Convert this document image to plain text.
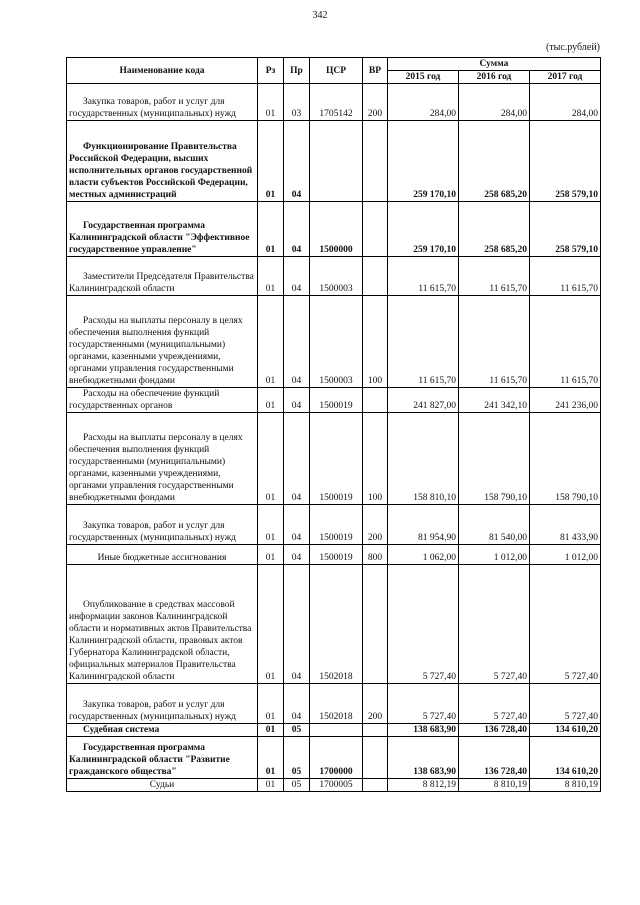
342
(тыс.рублей)
Наименование кода	Рз	Пр	ЦСР	ВР	Сумма		
					2015 год	2016 год	2017 год
Закупка товаров, работ и услуг для государственных (муниципальных) нужд	01	03	1705142	200	284,00	284,00	284,00
Функционирование Правительства Российской Федерации, высших исполнительных органов государственной власти субъектов Российской Федерации, местных администраций	01	04			259 170,10	258 685,20	258 579,10
Государственная программа Калининградской области "Эффективное государственное управление"	01	04	1500000		259 170,10	258 685,20	258 579,10
Заместители Председателя Правительства Калининградской области	01	04	1500003		11 615,70	11 615,70	11 615,70
Расходы на выплаты персоналу в целях обеспечения выполнения функций государственными (муниципальными) органами, казенными учреждениями, органами управления государственными внебюджетными фондами	01	04	1500003	100	11 615,70	11 615,70	11 615,70
Расходы на обеспечение функций государственных органов	01	04	1500019		241 827,00	241 342,10	241 236,00
Расходы на выплаты персоналу в целях обеспечения выполнения функций государственными (муниципальными) органами, казенными учреждениями, органами управления государственными внебюджетными фондами	01	04	1500019	100	158 810,10	158 790,10	158 790,10
Закупка товаров, работ и услуг для государственных (муниципальных) нужд	01	04	1500019	200	81 954,90	81 540,00	81 433,90
Иные бюджетные ассигнования	01	04	1500019	800	1 062,00	1 012,00	1 012,00
Опубликование в средствах массовой информации законов Калининградской области и нормативных актов Правительства Калининградской области, правовых актов Губернатора Калининградской области, официальных материалов Правительства Калининградской области	01	04	1502018		5 727,40	5 727,40	5 727,40
Закупка товаров, работ и услуг для государственных (муниципальных) нужд	01	04	1502018	200	5 727,40	5 727,40	5 727,40
Судебная система	01	05			138 683,90	136 728,40	134 610,20
Государственная программа Калининградской области "Развитие гражданского общества"	01	05	1700000		138 683,90	136 728,40	134 610,20
Судьи	01	05	1700005		8 812,19	8 810,19	8 810,19
